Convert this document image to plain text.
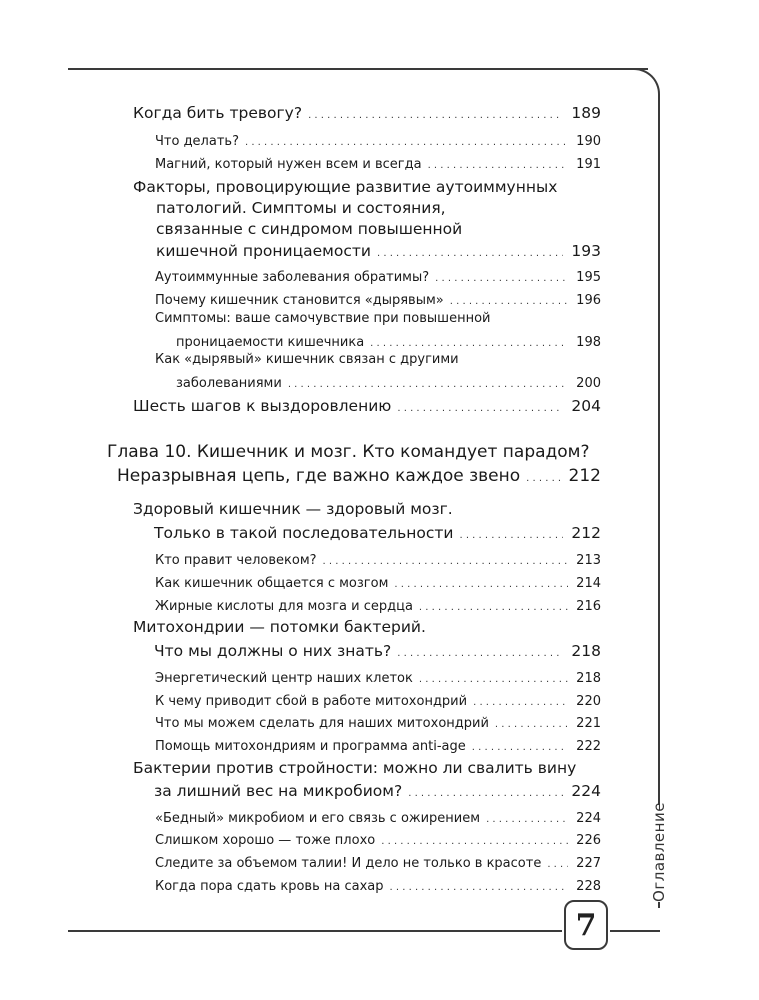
Оглавление
7
Когда бить тревогу? . . .	189
Что делать? . . .	190
Магний, который нужен всем и всегда . . .	191
Факторы, провоцирующие развитие аутоиммунных
патологий. Симптомы и состояния,
связанные с синдромом повышенной
кишечной проницаемости . . .	193
Аутоиммунные заболевания обратимы? . . .	195
Почему кишечник становится «дырявым» . . .	196
Симптомы: ваше самочувствие при повышенной
проницаемости кишечника . . .	198
Как «дырявый» кишечник связан с другими
заболеваниями . . .	200
Шесть шагов к выздоровлению . . .	204
Глава 10. Кишечник и мозг. Кто командует парадом?
Неразрывная цепь, где важно каждое звено . . .	212
Здоровый кишечник — здоровый мозг.
Только в такой последовательности . . .	212
Кто правит человеком? . . .	213
Как кишечник общается с мозгом . . .	214
Жирные кислоты для мозга и сердца . . .	216
Митохондрии — потомки бактерий.
Что мы должны о них знать? . . .	218
Энергетический центр наших клеток . . .	218
К чему приводит сбой в работе митохондрий . . .	220
Что мы можем сделать для наших митохондрий . . .	221
Помощь митохондриям и программа anti-age . . .	222
Бактерии против стройности: можно ли свалить вину
за лишний вес на микробиом? . . .	224
«Бедный» микробиом и его связь с ожирением . . .	224
Слишком хорошо — тоже плохо . . .	226
Следите за объемом талии! И дело не только в красоте . . .	227
Когда пора сдать кровь на сахар . . .	228
